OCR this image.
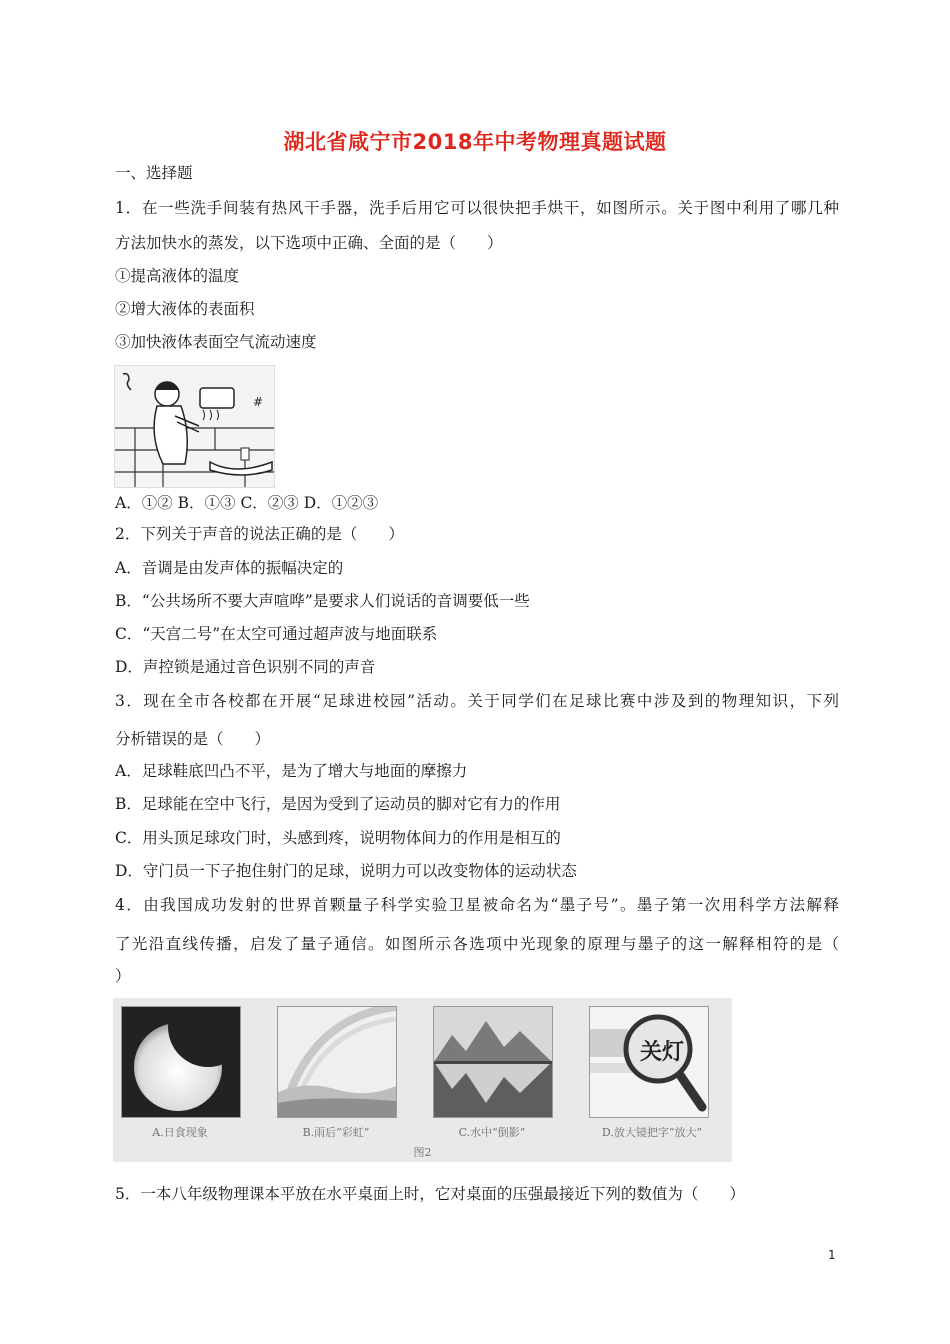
湖北省咸宁市2018年中考物理真题试题
一、选择题
1．在一些洗手间装有热风干手器，洗手后用它可以很快把手烘干，如图所示。关于图中利用了哪几种
方法加快水的蒸发，以下选项中正确、全面的是（　　）
①提高液体的温度
②增大液体的表面积
③加快液体表面空气流动速度
#
A．①② B．①③ C．②③ D．①②③
2．下列关于声音的说法正确的是（　　）
A．音调是由发声体的振幅决定的
B．“公共场所不要大声喧哗”是要求人们说话的音调要低一些
C．“天宫二号”在太空可通过超声波与地面联系
D．声控锁是通过音色识别不同的声音
3．现在全市各校都在开展“足球进校园”活动。关于同学们在足球比赛中涉及到的物理知识，下列
分析错误的是（　　）
A．足球鞋底凹凸不平，是为了增大与地面的摩擦力
B．足球能在空中飞行，是因为受到了运动员的脚对它有力的作用
C．用头顶足球攻门时，头感到疼，说明物体间力的作用是相互的
D．守门员一下子抱住射门的足球，说明力可以改变物体的运动状态
4．由我国成功发射的世界首颗量子科学实验卫星被命名为“墨子号”。墨子第一次用科学方法解释
了光沿直线传播，启发了量子通信。如图所示各选项中光现象的原理与墨子的这一解释相符的是（
）
关灯
A.日食现象	B.雨后“彩虹”	C.水中“倒影”	D.放大镜把字“放大”
图2
5．一本八年级物理课本平放在水平桌面上时，它对桌面的压强最接近下列的数值为（　　）
1
